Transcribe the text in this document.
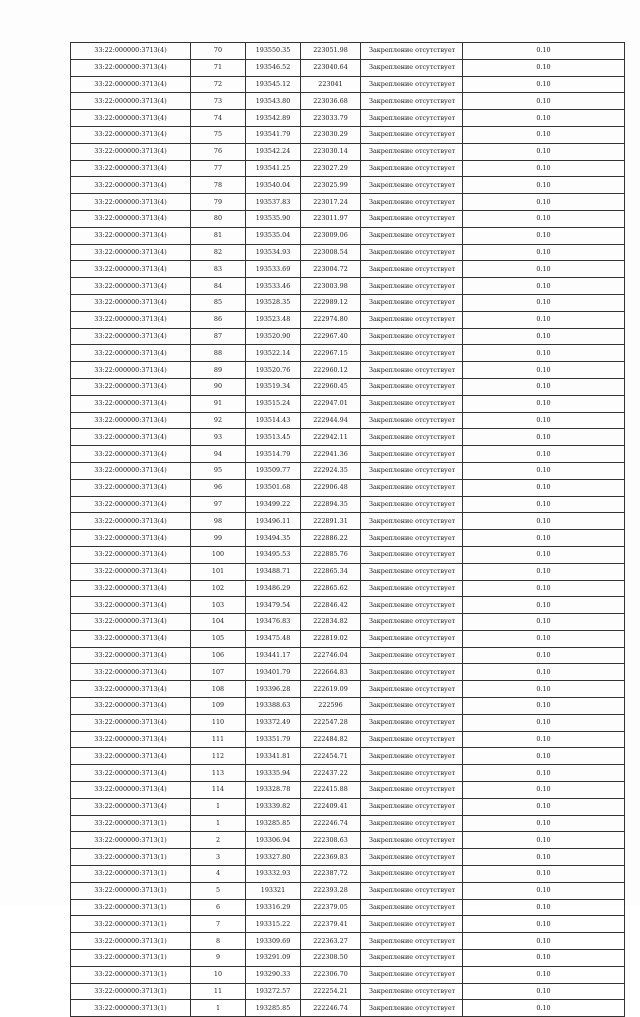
33:22:000000:3713(4)	70	193550.35	223051.98	Закрепление отсутствует	0.10
33:22:000000:3713(4)	71	193546.52	223040.64	Закрепление отсутствует	0.10
33:22:000000:3713(4)	72	193545.12	223041	Закрепление отсутствует	0.10
33:22:000000:3713(4)	73	193543.80	223036.68	Закрепление отсутствует	0.10
33:22:000000:3713(4)	74	193542.89	223033.79	Закрепление отсутствует	0.10
33:22:000000:3713(4)	75	193541.79	223030.29	Закрепление отсутствует	0.10
33:22:000000:3713(4)	76	193542.24	223030.14	Закрепление отсутствует	0.10
33:22:000000:3713(4)	77	193541.25	223027.29	Закрепление отсутствует	0.10
33:22:000000:3713(4)	78	193540.04	223025.99	Закрепление отсутствует	0.10
33:22:000000:3713(4)	79	193537.83	223017.24	Закрепление отсутствует	0.10
33:22:000000:3713(4)	80	193535.90	223011.97	Закрепление отсутствует	0.10
33:22:000000:3713(4)	81	193535.04	223009.06	Закрепление отсутствует	0.10
33:22:000000:3713(4)	82	193534.93	223008.54	Закрепление отсутствует	0.10
33:22:000000:3713(4)	83	193533.69	223004.72	Закрепление отсутствует	0.10
33:22:000000:3713(4)	84	193533.46	223003.98	Закрепление отсутствует	0.10
33:22:000000:3713(4)	85	193528.35	222989.12	Закрепление отсутствует	0.10
33:22:000000:3713(4)	86	193523.48	222974.80	Закрепление отсутствует	0.10
33:22:000000:3713(4)	87	193520.90	222967.40	Закрепление отсутствует	0.10
33:22:000000:3713(4)	88	193522.14	222967.15	Закрепление отсутствует	0.10
33:22:000000:3713(4)	89	193520.76	222960.12	Закрепление отсутствует	0.10
33:22:000000:3713(4)	90	193519.34	222960.45	Закрепление отсутствует	0.10
33:22:000000:3713(4)	91	193515.24	222947.01	Закрепление отсутствует	0.10
33:22:000000:3713(4)	92	193514.43	222944.94	Закрепление отсутствует	0.10
33:22:000000:3713(4)	93	193513.45	222942.11	Закрепление отсутствует	0.10
33:22:000000:3713(4)	94	193514.79	222941.36	Закрепление отсутствует	0.10
33:22:000000:3713(4)	95	193509.77	222924.35	Закрепление отсутствует	0.10
33:22:000000:3713(4)	96	193501.68	222906.48	Закрепление отсутствует	0.10
33:22:000000:3713(4)	97	193499.22	222894.35	Закрепление отсутствует	0.10
33:22:000000:3713(4)	98	193496.11	222891.31	Закрепление отсутствует	0.10
33:22:000000:3713(4)	99	193494.35	222886.22	Закрепление отсутствует	0.10
33:22:000000:3713(4)	100	193495.53	222885.76	Закрепление отсутствует	0.10
33:22:000000:3713(4)	101	193488.71	222865.34	Закрепление отсутствует	0.10
33:22:000000:3713(4)	102	193486.29	222865.62	Закрепление отсутствует	0.10
33:22:000000:3713(4)	103	193479.54	222846.42	Закрепление отсутствует	0.10
33:22:000000:3713(4)	104	193476.83	222834.82	Закрепление отсутствует	0.10
33:22:000000:3713(4)	105	193475.48	222819.02	Закрепление отсутствует	0.10
33:22:000000:3713(4)	106	193441.17	222746.04	Закрепление отсутствует	0.10
33:22:000000:3713(4)	107	193401.79	222664.83	Закрепление отсутствует	0.10
33:22:000000:3713(4)	108	193396.28	222619.09	Закрепление отсутствует	0.10
33:22:000000:3713(4)	109	193388.63	222596	Закрепление отсутствует	0.10
33:22:000000:3713(4)	110	193372.49	222547.28	Закрепление отсутствует	0.10
33:22:000000:3713(4)	111	193351.79	222484.82	Закрепление отсутствует	0.10
33:22:000000:3713(4)	112	193341.81	222454.71	Закрепление отсутствует	0.10
33:22:000000:3713(4)	113	193335.94	222437.22	Закрепление отсутствует	0.10
33:22:000000:3713(4)	114	193328.78	222415.88	Закрепление отсутствует	0.10
33:22:000000:3713(4)	1	193339.82	222409.41	Закрепление отсутствует	0.10
33:22:000000:3713(1)	1	193285.85	222246.74	Закрепление отсутствует	0.10
33:22:000000:3713(1)	2	193306.94	222308.63	Закрепление отсутствует	0.10
33:22:000000:3713(1)	3	193327.80	222369.83	Закрепление отсутствует	0.10
33:22:000000:3713(1)	4	193332.93	222387.72	Закрепление отсутствует	0.10
33:22:000000:3713(1)	5	193321	222393.28	Закрепление отсутствует	0.10
33:22:000000:3713(1)	6	193316.29	222379.05	Закрепление отсутствует	0.10
33:22:000000:3713(1)	7	193315.22	222379.41	Закрепление отсутствует	0.10
33:22:000000:3713(1)	8	193309.69	222363.27	Закрепление отсутствует	0.10
33:22:000000:3713(1)	9	193291.09	222308.50	Закрепление отсутствует	0.10
33:22:000000:3713(1)	10	193290.33	222306.70	Закрепление отсутствует	0.10
33:22:000000:3713(1)	11	193272.57	222254.21	Закрепление отсутствует	0.10
33:22:000000:3713(1)	1	193285.85	222246.74	Закрепление отсутствует	0.10
